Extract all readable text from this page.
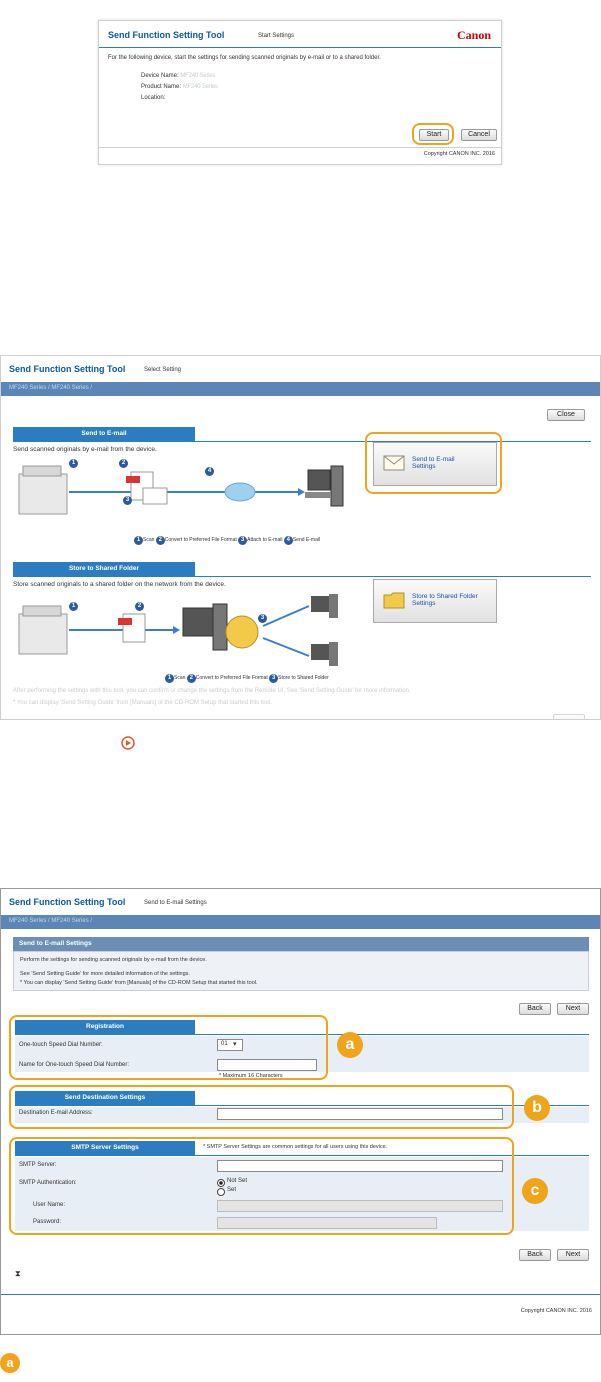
Send Function Setting Tool	Start Settings	Canon
For the following device, start the settings for sending scanned originals by e-mail or to a shared folder.
Device Name: MF240 Series
Product Name: MF240 Series
Location:
Start	Cancel
Copyright CANON INC. 2016
Send Function Setting Tool	Select Setting
MF240 Series / MF240 Series /
Close
Send to E-mail
Send scanned originals by e-mail from the device.
1	2
3
4
1 Scan 2 Convert to Preferred File Format 3 Attach to E-mail 4 Send E-mail
Send to E-mail Settings
Store to Shared Folder
Store scanned originals to a shared folder on the network from the device.
1	2
3
1 Scan 2 Convert to Preferred File Format 3 Store to Shared Folder
Store to Shared Folder Settings
After performing the settings with this tool, you can confirm or change the settings from the Remote UI. See 'Send Setting Guide' for more information.
* You can display 'Send Setting Guide' from [Manuals] of the CD-ROM Setup that started this tool.
Send Function Setting Tool	Send to E-mail Settings
MF240 Series / MF240 Series /
Send to E-mail Settings
Perform the settings for sending scanned originals by e-mail from the device.
See 'Send Setting Guide' for more detailed information of the settings.
* You can display 'Send Setting Guide' from [Manuals] of the CD-ROM Setup that started this tool.
Back	Next
Registration
One-touch Speed Dial Number:	01 ▾
Name for One-touch Speed Dial Number:
* Maximum 16 Characters
a
Send Destination Settings
Destination E-mail Address:	b
SMTP Server Settings	* SMTP Server Settings are common settings for all users using this device.
SMTP Server:
SMTP Authentication:	Not Set
Set
User Name:
Password:
c
Back	Next
⧗
Copyright CANON INC. 2016
a
